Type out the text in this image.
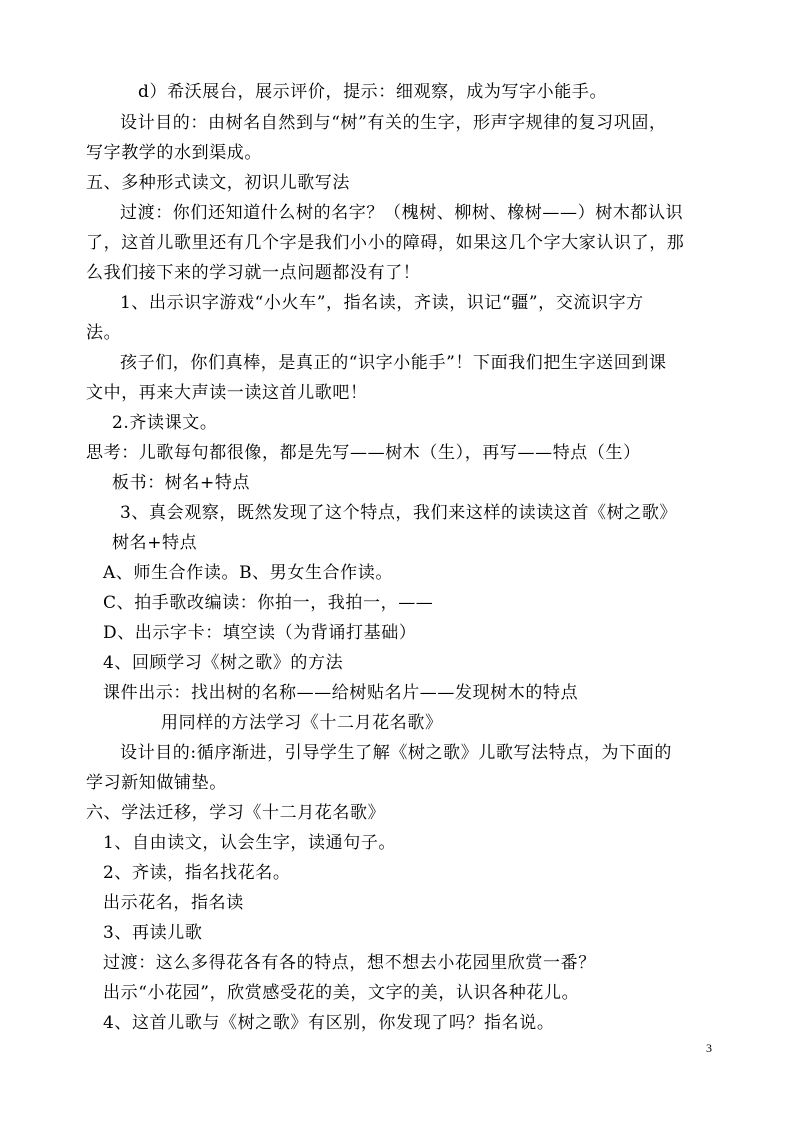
d）希沃展台，展示评价，提示：细观察，成为写字小能手。
设计目的：由树名自然到与“树”有关的生字，形声字规律的复习巩固，
写字教学的水到渠成。
五、多种形式读文，初识儿歌写法
过渡：你们还知道什么树的名字？（槐树、柳树、橡树——）树木都认识
了，这首儿歌里还有几个字是我们小小的障碍，如果这几个字大家认识了，那
么我们接下来的学习就一点问题都没有了！
1、出示识字游戏“小火车”，指名读，齐读，识记“疆”，交流识字方
法。
孩子们，你们真棒，是真正的“识字小能手”！下面我们把生字送回到课
文中，再来大声读一读这首儿歌吧！
2.齐读课文。
思考：儿歌每句都很像，都是先写——树木（生），再写——特点（生）
板书：树名+特点
3、真会观察，既然发现了这个特点，我们来这样的读读这首《树之歌》
树名+特点
A、师生合作读。B、男女生合作读。
C、拍手歌改编读：你拍一，我拍一，——
D、出示字卡：填空读（为背诵打基础）
4、回顾学习《树之歌》的方法
课件出示：找出树的名称——给树贴名片——发现树木的特点
用同样的方法学习《十二月花名歌》
设计目的:循序渐进，引导学生了解《树之歌》儿歌写法特点，为下面的
学习新知做铺垫。
六、学法迁移，学习《十二月花名歌》
1、自由读文，认会生字，读通句子。
2、齐读，指名找花名。
出示花名，指名读
3、再读儿歌
过渡：这么多得花各有各的特点，想不想去小花园里欣赏一番？
出示“小花园”，欣赏感受花的美，文字的美，认识各种花儿。
4、这首儿歌与《树之歌》有区别，你发现了吗？指名说。
3
